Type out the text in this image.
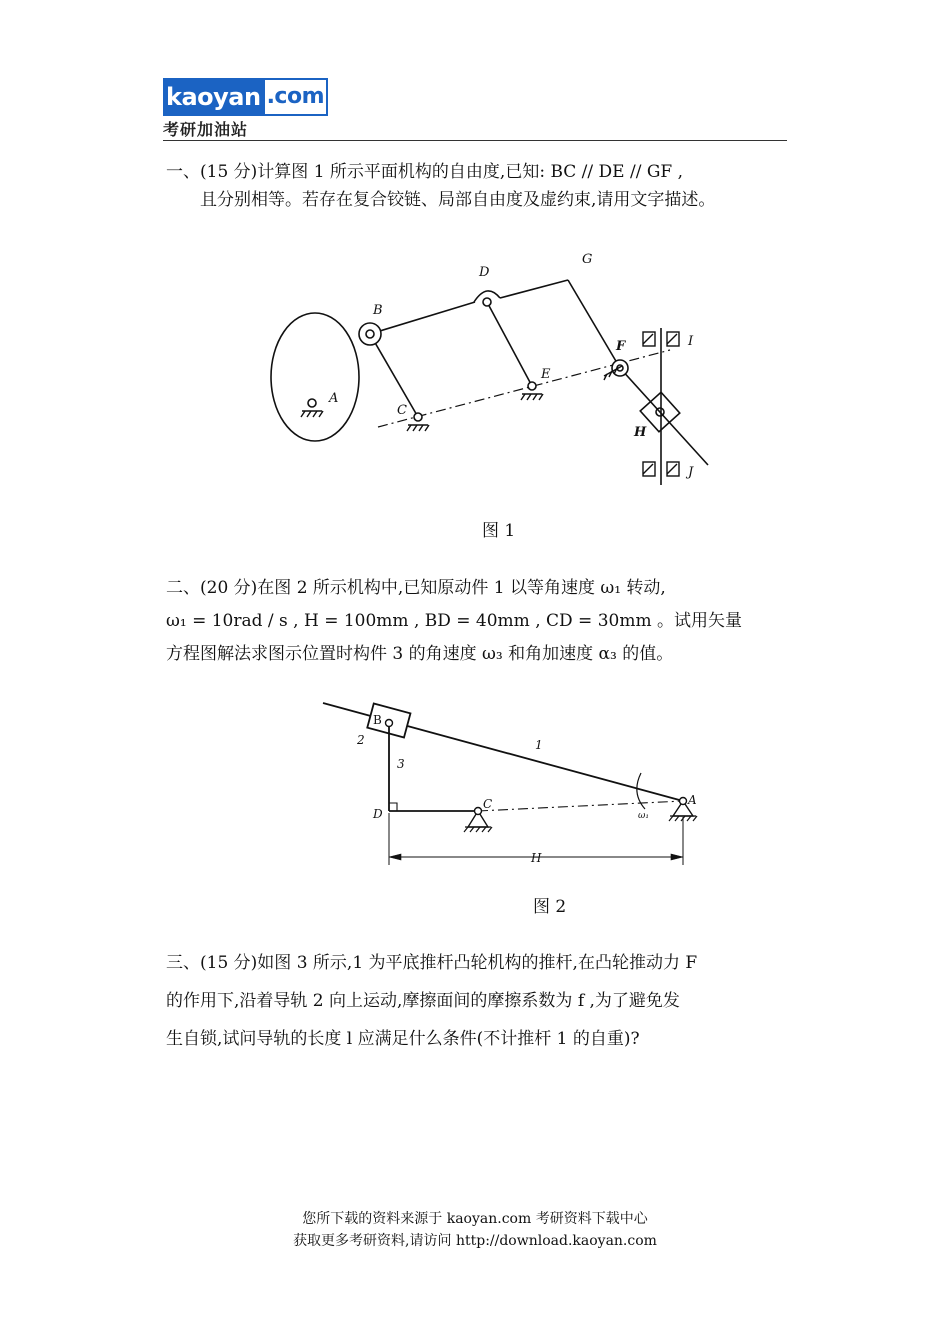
kaoyan .com
考研加油站
一、(15 分)计算图 1 所示平面机构的自由度,已知: BC // DE // GF ,
且分别相等。若存在复合铰链、局部自由度及虚约束,请用文字描述。
A
B
C
D
E
G
F	I
H
J
图 1
二、(20 分)在图 2 所示机构中,已知原动件 1 以等角速度 ω₁ 转动,
ω₁ = 10rad / s , H = 100mm , BD = 40mm , CD = 30mm 。试用矢量
方程图解法求图示位置时构件 3 的角速度 ω₃ 和角加速度 α₃ 的值。
B
2	1
3
D
C	A
ω₁
H
图 2
三、(15 分)如图 3 所示,1 为平底推杆凸轮机构的推杆,在凸轮推动力 F
的作用下,沿着导轨 2 向上运动,摩擦面间的摩擦系数为 f ,为了避免发
生自锁,试问导轨的长度 l 应满足什么条件(不计推杆 1 的自重)?
您所下载的资料来源于 kaoyan.com 考研资料下载中心
获取更多考研资料,请访问 http://download.kaoyan.com
